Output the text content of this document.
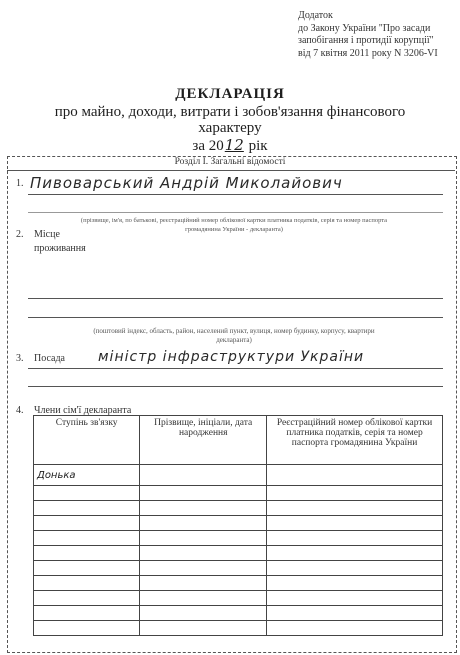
Додаток
до Закону України "Про засади
запобігання і протидії корупції"
від 7 квітня 2011 року N 3206-VI
ДЕКЛАРАЦІЯ
про майно, доходи, витрати і зобов'язання фінансового
характеру
за 2012 рік
Розділ І. Загальні відомості
1. Пивоварський Андрій Миколайович
(прізвище, ім'я, по батькові, реєстраційний номер облікової картки платника податків, серія та номер паспорта
громадянина України - декларанта)
2. Місце
проживання
(поштовий індекс, область, район, населений пункт, вулиця, номер будинку, корпусу, квартири
декларанта)
3. Посада міністр інфраструктури України
4. Члени сім'ї декларанта
Ступінь зв'язку	Прізвище, ініціали, дата народження	Реєстраційний номер облікової картки платника податків, серія та номер паспорта громадянина України
Донька		
